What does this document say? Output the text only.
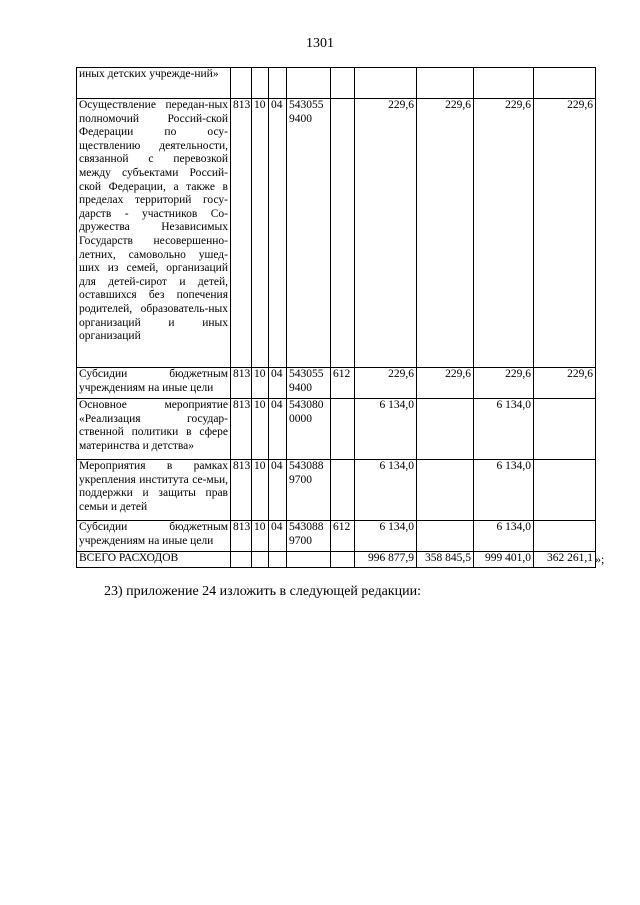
1301
иных детских учрежде-ний»									
Осуществление передан-ных полномочий Россий-ской Федерации по осу-ществлению деятельности, связанной с перевозкой между субъектами Россий-ской Федерации, а также в пределах территорий госу-дарств - участников Со-дружества Независимых Государств несовершенно-летних, самовольно ушед-ших из семей, организаций для детей-сирот и детей, оставшихся без попечения родителей, образователь-ных организаций и иных организаций	813	10	04	543055 9400		229,6	229,6	229,6	229,6
Субсидии бюджетным учреждениям на иные цели	813	10	04	543055 9400	612	229,6	229,6	229,6	229,6
Основное мероприятие «Реализация государ-ственной политики в сфере материнства и детства»	813	10	04	543080 0000		6 134,0		6 134,0	
Мероприятия в рамках укрепления института се-мьи, поддержки и защиты прав семьи и детей	813	10	04	543088 9700		6 134,0		6 134,0	
Субсидии бюджетным учреждениям на иные цели	813	10	04	543088 9700	612	6 134,0		6 134,0	
ВСЕГО РАСХОДОВ						996 877,9	358 845,5	999 401,0	362 261,1 »;
23) приложение 24 изложить в следующей редакции:
